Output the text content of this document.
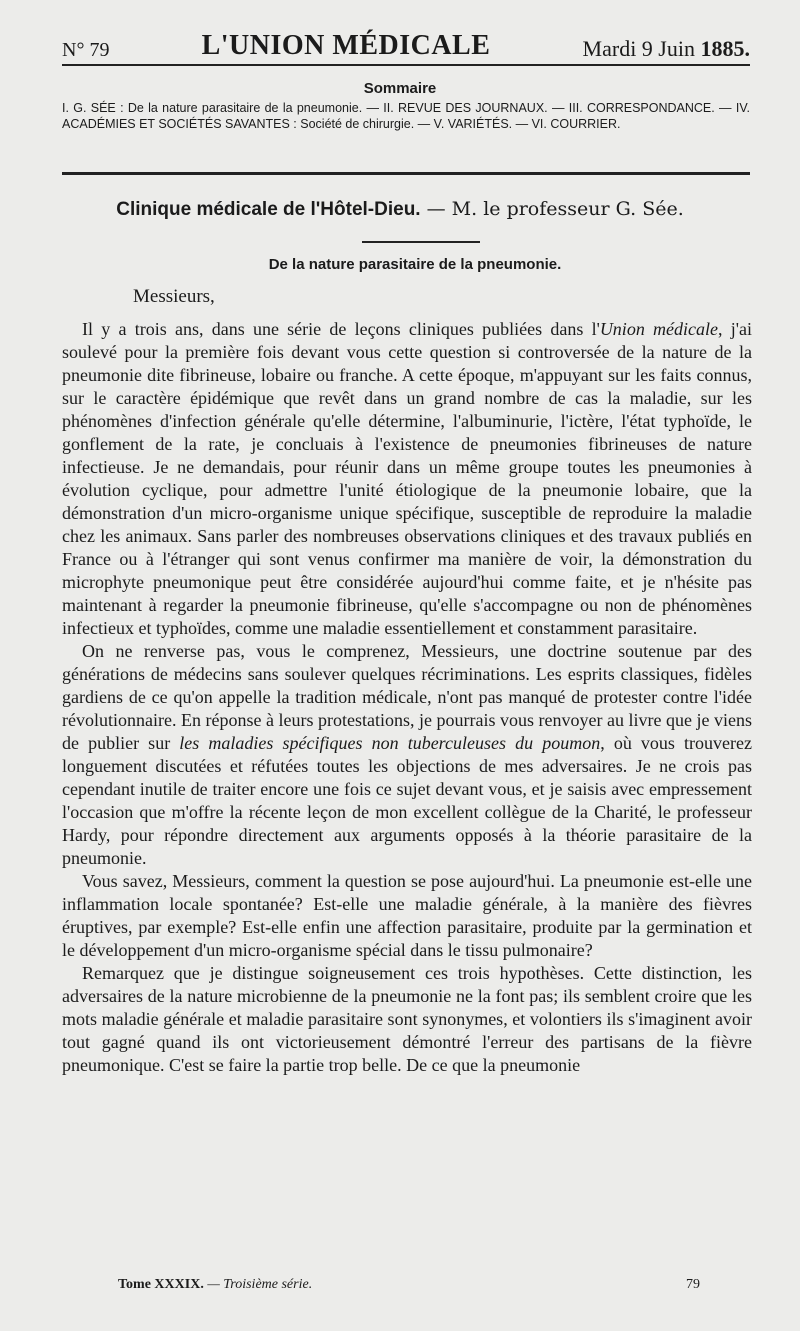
N° 79	L'UNION MÉDICALE	Mardi 9 Juin 1885.
Sommaire
I. G. SÉE : De la nature parasitaire de la pneumonie. — II. REVUE DES JOURNAUX. — III. CORRESPONDANCE. — IV. ACADÉMIES ET SOCIÉTÉS SAVANTES : Société de chirurgie. — V. VARIÉTÉS. — VI. COURRIER.
Clinique médicale de l'Hôtel-Dieu. — M. le professeur G. Sée.
De la nature parasitaire de la pneumonie.
Messieurs,

Il y a trois ans, dans une série de leçons cliniques publiées dans l'Union médicale, j'ai soulevé pour la première fois devant vous cette question si controversée de la nature de la pneumonie dite fibrineuse, lobaire ou franche. A cette époque, m'appuyant sur les faits connus, sur le caractère épidémique que revêt dans un grand nombre de cas la maladie, sur les phénomènes d'infection générale qu'elle détermine, l'albuminurie, l'ictère, l'état typhoïde, le gonflement de la rate, je concluais à l'existence de pneumonies fibrineuses de nature infectieuse. Je ne demandais, pour réunir dans un même groupe toutes les pneumonies à évolution cyclique, pour admettre l'unité étiologique de la pneumonie lobaire, que la démonstration d'un micro-organisme unique spécifique, susceptible de reproduire la maladie chez les animaux. Sans parler des nombreuses observations cliniques et des travaux publiés en France ou à l'étranger qui sont venus confirmer ma manière de voir, la démonstration du microphyte pneumonique peut être considérée aujourd'hui comme faite, et je n'hésite pas maintenant à regarder la pneumonie fibrineuse, qu'elle s'accompagne ou non de phénomènes infectieux et typhoïdes, comme une maladie essentiellement et constamment parasitaire.

On ne renverse pas, vous le comprenez, Messieurs, une doctrine soutenue par des générations de médecins sans soulever quelques récriminations. Les esprits classiques, fidèles gardiens de ce qu'on appelle la tradition médicale, n'ont pas manqué de protester contre l'idée révolutionnaire. En réponse à leurs protestations, je pourrais vous renvoyer au livre que je viens de publier sur les maladies spécifiques non tuberculeuses du poumon, où vous trouverez longuement discutées et réfutées toutes les objections de mes adversaires. Je ne crois pas cependant inutile de traiter encore une fois ce sujet devant vous, et je saisis avec empressement l'occasion que m'offre la récente leçon de mon excellent collègue de la Charité, le professeur Hardy, pour répondre directement aux arguments opposés à la théorie parasitaire de la pneumonie.

Vous savez, Messieurs, comment la question se pose aujourd'hui. La pneumonie est-elle une inflammation locale spontanée? Est-elle une maladie générale, à la manière des fièvres éruptives, par exemple? Est-elle enfin une affection parasitaire, produite par la germination et le développement d'un micro-organisme spécial dans le tissu pulmonaire?

Remarquez que je distingue soigneusement ces trois hypothèses. Cette distinction, les adversaires de la nature microbienne de la pneumonie ne la font pas; ils semblent croire que les mots maladie générale et maladie parasitaire sont synonymes, et volontiers ils s'imaginent avoir tout gagné quand ils ont victorieusement démontré l'erreur des partisans de la fièvre pneumonique. C'est se faire la partie trop belle. De ce que la pneumonie

Tome XXXIX. — Troisième série.	79
